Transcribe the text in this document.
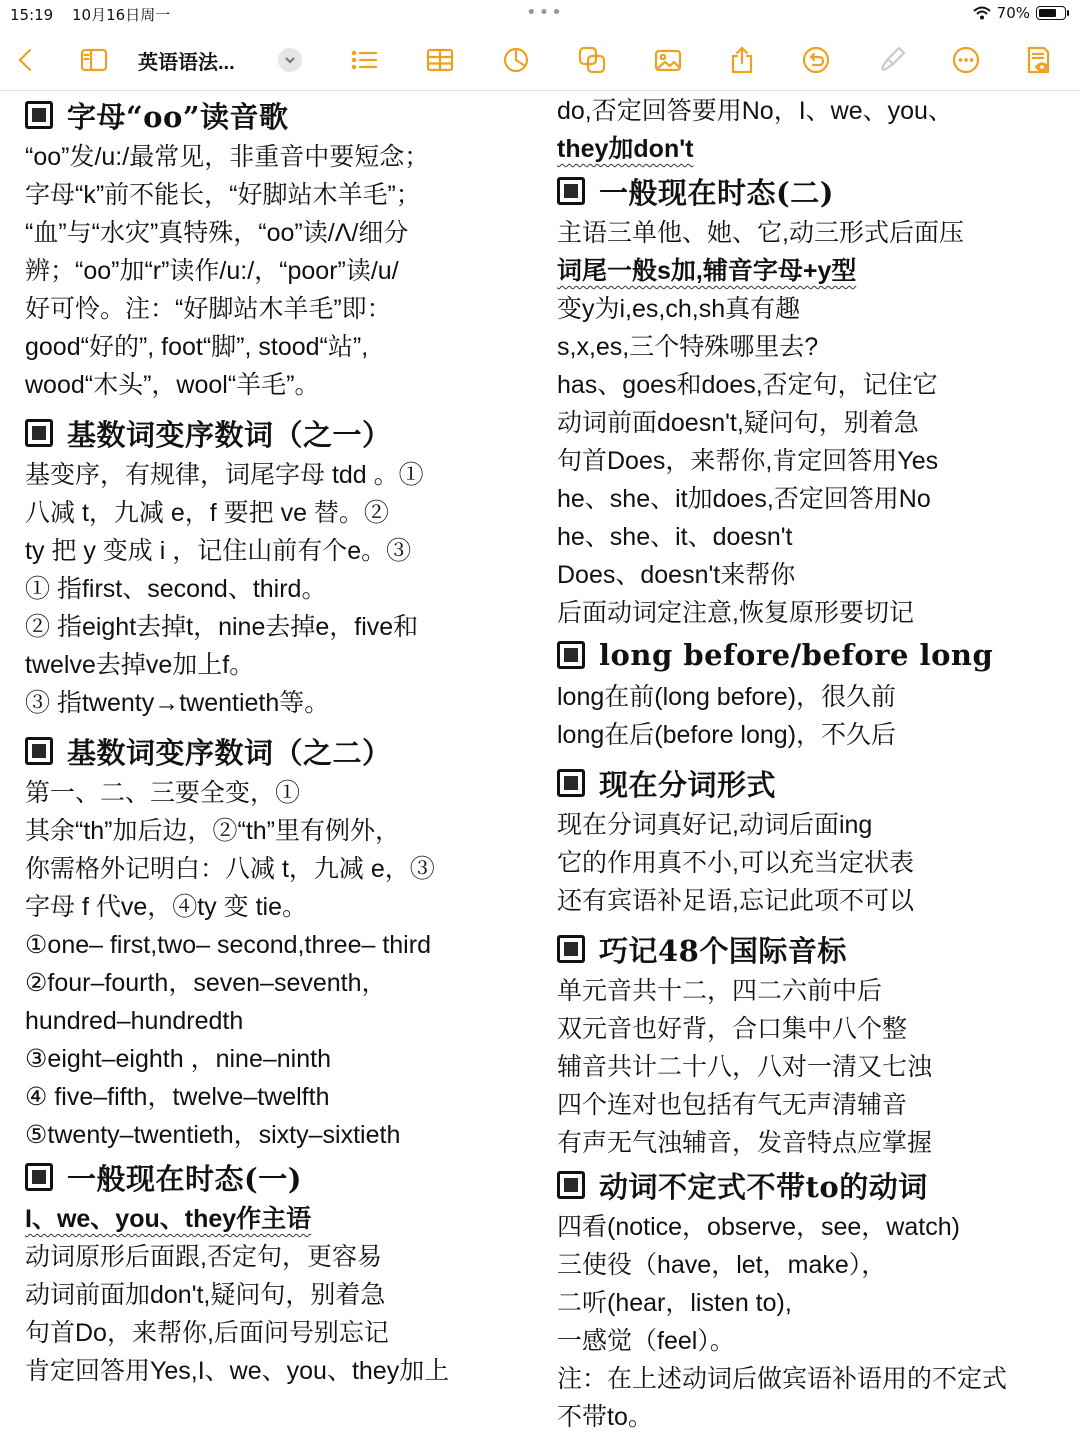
15:19 10月16日周一	•••	70%
英语语法...
字母“oo”读音歌
“oo”发/u:/最常见，非重音中要短念；
字母“k”前不能长，“好脚站木羊毛”；
“血”与“水灾”真特殊，“oo”读/Λ/细分
辨；“oo”加“r”读作/u:/，“poor”读/u/
好可怜。注：“好脚站木羊毛”即：
good“好的”, foot“脚”, stood“站”,
wood“木头”，wool“羊毛”。
基数词变序数词（之一）
基变序，有规律，词尾字母 tdd 。①
八减 t，九减 e，f 要把 ve 替。②
ty 把 y 变成 i ，记住山前有个e。③
① 指first、second、third。
② 指eight去掉t，nine去掉e，five和
twelve去掉ve加上f。
③ 指twenty→twentieth等。
基数词变序数词（之二）
第一、二、三要全变，①
其余“th”加后边，②“th”里有例外，
你需格外记明白：八减 t，九减 e，③
字母 f 代ve，④ty 变 tie。
①one– first,two– second,three– third
②four–fourth，seven–seventh，
hundred–hundredth
③eight–eighth ，nine–ninth
④ five–fifth，twelve–twelfth
⑤twenty–twentieth，sixty–sixtieth
一般现在时态(一)
I、we、you、they作主语
动词原形后面跟,否定句，更容易
动词前面加don't,疑问句，别着急
句首Do，来帮你,后面问号别忘记
肯定回答用Yes,I、we、you、they加上
do,否定回答要用No，I、we、you、
they加don't
一般现在时态(二)
主语三单他、她、它,动三形式后面压
词尾一般s加,辅音字母+y型
变y为i,es,ch,sh真有趣
s,x,es,三个特殊哪里去?
has、goes和does,否定句，记住它
动词前面doesn't,疑问句，别着急
句首Does，来帮你,肯定回答用Yes
he、she、it加does,否定回答用No
he、she、it、doesn't
Does、doesn't来帮你
后面动词定注意,恢复原形要切记
long before/before long
long在前(long before)，很久前
long在后(before long)，不久后
现在分词形式
现在分词真好记,动词后面ing
它的作用真不小,可以充当定状表
还有宾语补足语,忘记此项不可以
巧记48个国际音标
单元音共十二，四二六前中后
双元音也好背，合口集中八个整
辅音共计二十八，八对一清又七浊
四个连对也包括有气无声清辅音
有声无气浊辅音，发音特点应掌握
动词不定式不带to的动词
四看(notice，observe，see，watch)
三使役（have，let，make），
二听(hear，listen to),
一感觉（feel）。
注：在上述动词后做宾语补语用的不定式
不带to。
